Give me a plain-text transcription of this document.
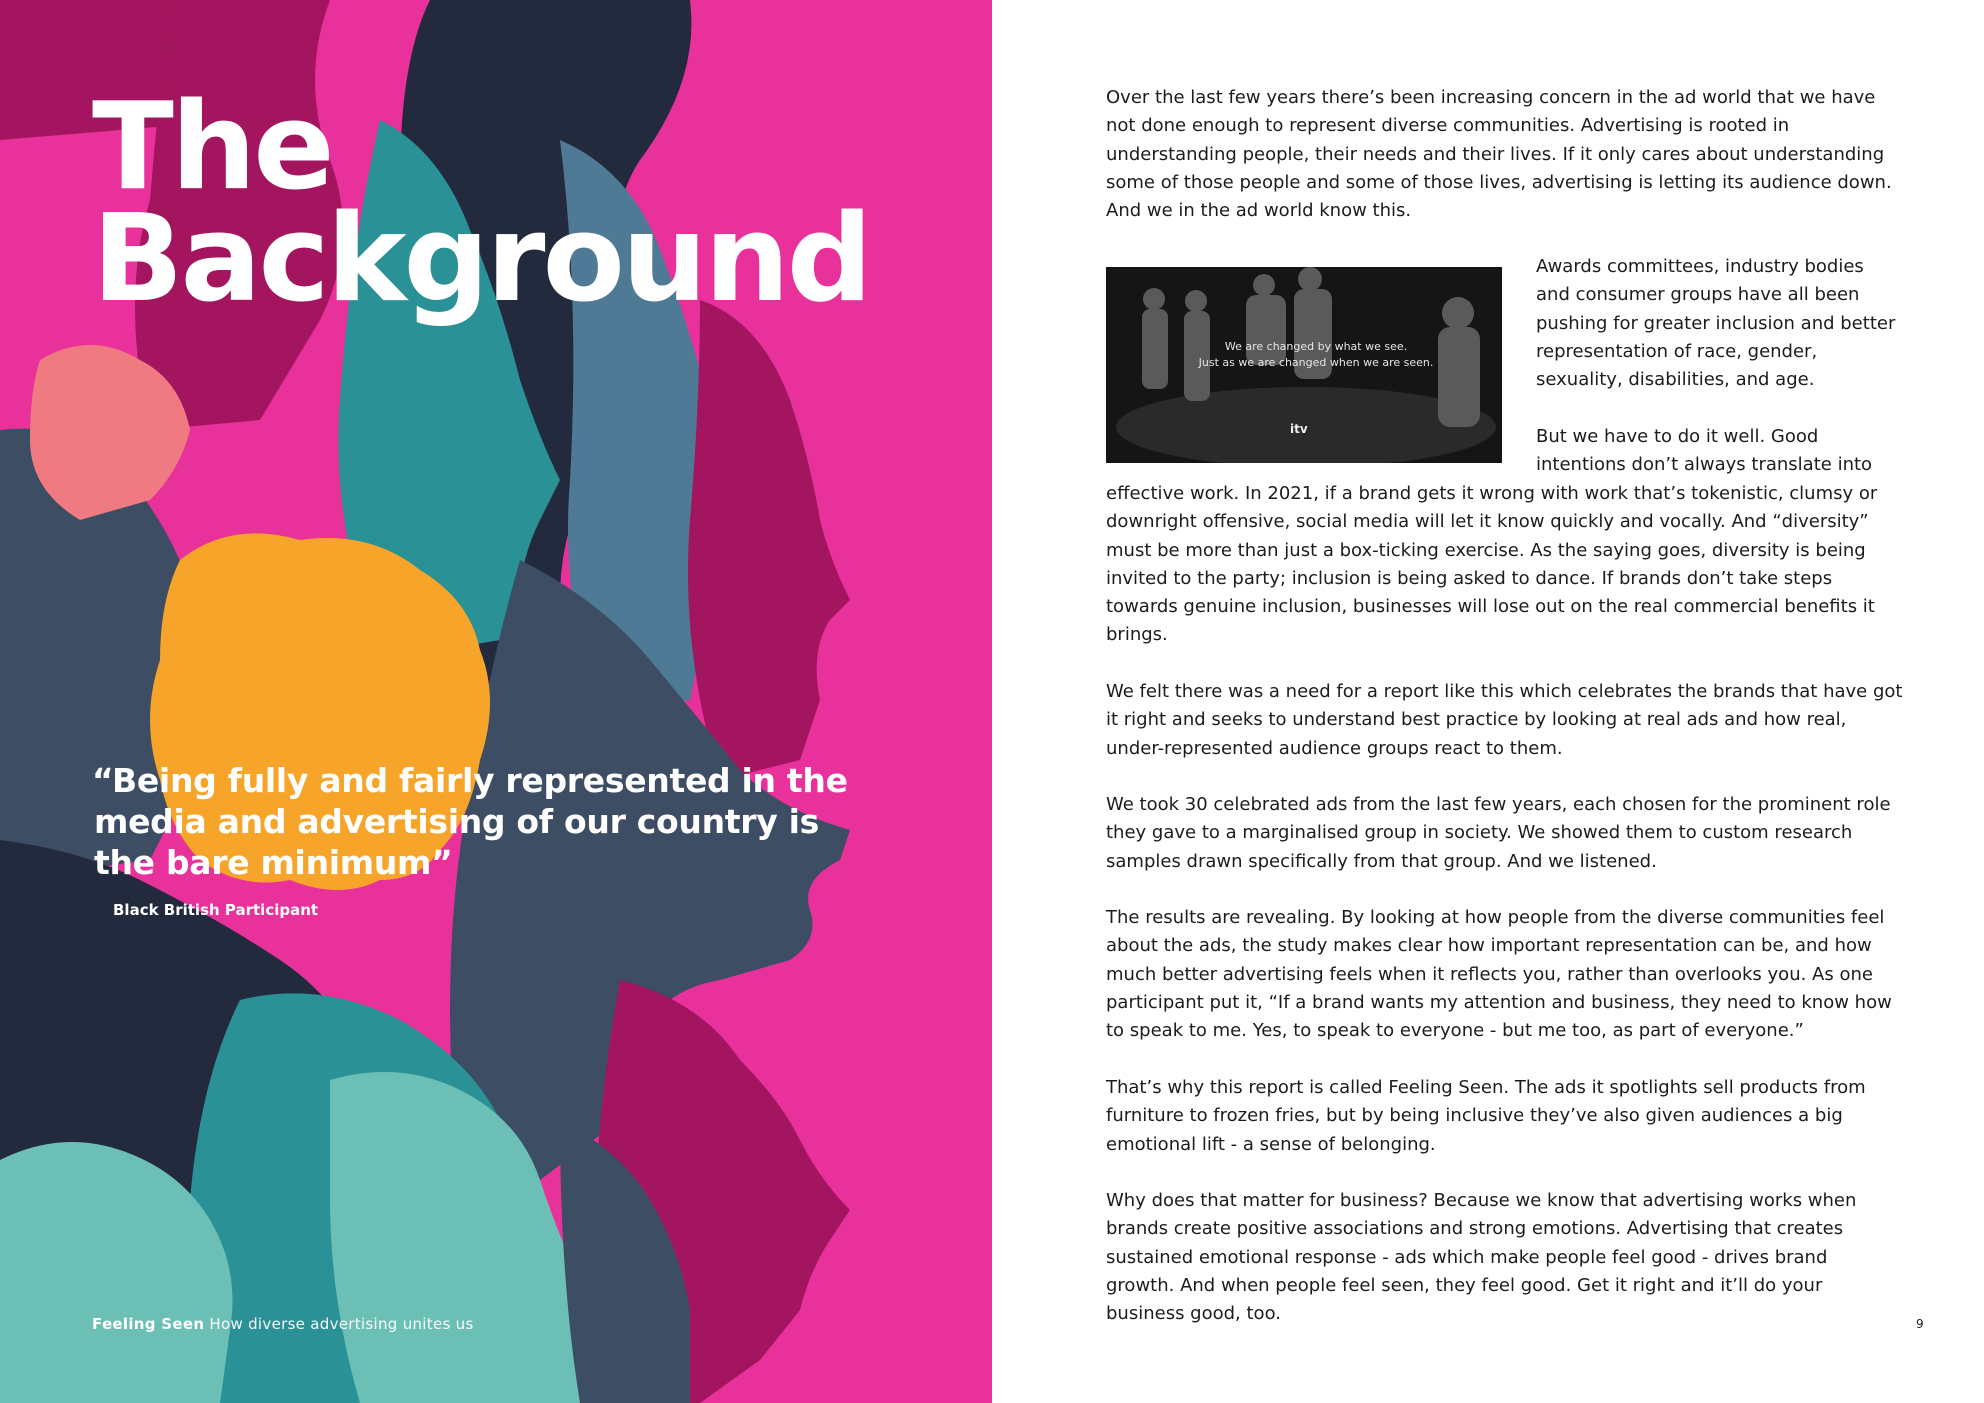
The
Background
“Being fully and fairly represented in the media and advertising of our country is the bare minimum”
Black British Participant
Feeling Seen How diverse advertising unites us

Over the last few years there’s been increasing concern in the ad world that we have not done enough to represent diverse communities. Advertising is rooted in understanding people, their needs and their lives. If it only cares about understanding some of those people and some of those lives, advertising is letting its audience down. And we in the ad world know this.

We are changed by what we see.
Just as we are changed when we are seen.
itv

Awards committees, industry bodies and consumer groups have all been pushing for greater inclusion and better representation of race, gender, sexuality, disabilities, and age.

But we have to do it well. Good intentions don’t always translate into

effective work. In 2021, if a brand gets it wrong with work that’s tokenistic, clumsy or downright offensive, social media will let it know quickly and vocally. And “diversity” must be more than just a box-ticking exercise. As the saying goes, diversity is being invited to the party; inclusion is being asked to dance. If brands don’t take steps towards genuine inclusion, businesses will lose out on the real commercial benefits it brings.

We felt there was a need for a report like this which celebrates the brands that have got it right and seeks to understand best practice by looking at real ads and how real, under-represented audience groups react to them.

We took 30 celebrated ads from the last few years, each chosen for the prominent role they gave to a marginalised group in society. We showed them to custom research samples drawn specifically from that group. And we listened.

The results are revealing. By looking at how people from the diverse communities feel about the ads, the study makes clear how important representation can be, and how much better advertising feels when it reflects you, rather than overlooks you. As one participant put it, “If a brand wants my attention and business, they need to know how to speak to me. Yes, to speak to everyone - but me too, as part of everyone.”

That’s why this report is called Feeling Seen. The ads it spotlights sell products from furniture to frozen fries, but by being inclusive they’ve also given audiences a big emotional lift - a sense of belonging.

Why does that matter for business? Because we know that advertising works when brands create positive associations and strong emotions. Advertising that creates sustained emotional response - ads which make people feel good - drives brand growth. And when people feel seen, they feel good. Get it right and it’ll do your business good, too.	9
